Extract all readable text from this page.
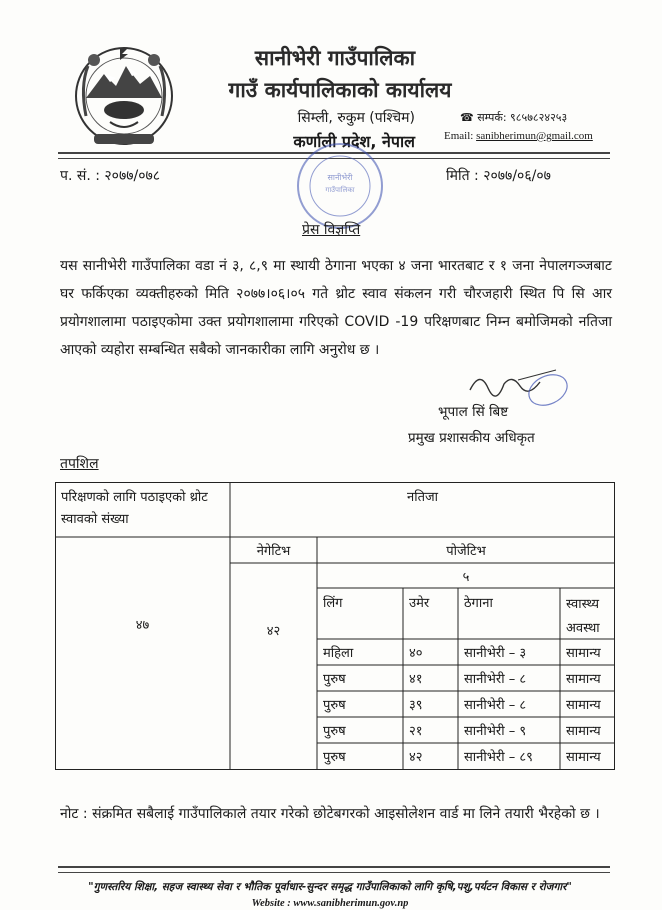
सानीभेरी गाउँपालिका
गाउँ कार्यपालिकाको कार्यालय
सिम्ली, रुकुम (पश्चिम)
कर्णाली प्रदेश, नेपाल
☎ सम्पर्क: ९८५७८२४२५३
Email: sanibherimun@gmail.com
सानीभेरी
गाउँपालिका
प. सं. : २०७७/०७८	मिति : २०७७/०६/०७
प्रेस विज्ञप्ति
यस सानीभेरी गाउँपालिका वडा नं ३, ८,९ मा स्थायी ठेगाना भएका ४ जना भारतबाट र १ जना नेपालगञ्जबाट घर फर्किएका व्यक्तीहरुको मिति २०७७।०६।०५ गते थ्रोट स्वाव संकलन गरी चौरजहारी स्थित पि सि आर प्रयोगशालामा पठाइएकोमा उक्त प्रयोगशालामा गरिएको COVID -19 परिक्षणबाट निम्न बमोजिमको नतिजा आएको व्यहोरा सम्बन्धित सबैको जानकारीका लागि अनुरोध छ ।
भूपाल सिं बिष्ट
प्रमुख प्रशासकीय अधिकृत
तपशिल
परिक्षणको लागि पठाइएको थ्रोट स्वावको संख्या
नतिजा
नेगेटिभ	पोजेटिभ
५
लिंग	उमेर	ठेगाना	स्वास्थ्य अवस्था
४७	४२
महिला	४०	सानीभेरी – ३	सामान्य
पुरुष	४१	सानीभेरी – ८	सामान्य
पुरुष	३९	सानीभेरी – ८	सामान्य
पुरुष	२१	सानीभेरी – ९	सामान्य
पुरुष	४२	सानीभेरी – ८९	सामान्य
नोट : संक्रमित सबैलाई गाउँपालिकाले तयार गरेको छोटेबगरको आइसोलेशन वार्ड मा लिने तयारी भैरहेको छ ।
"गुणस्तरिय शिक्षा, सहज स्वास्थ्य सेवा र भौतिक पूर्वाधार-सुन्दर समृद्ध गाउँपालिकाको लागि कृषि,पशु,पर्यटन विकास र रोजगार"
Website : www.sanibherimun.gov.np
